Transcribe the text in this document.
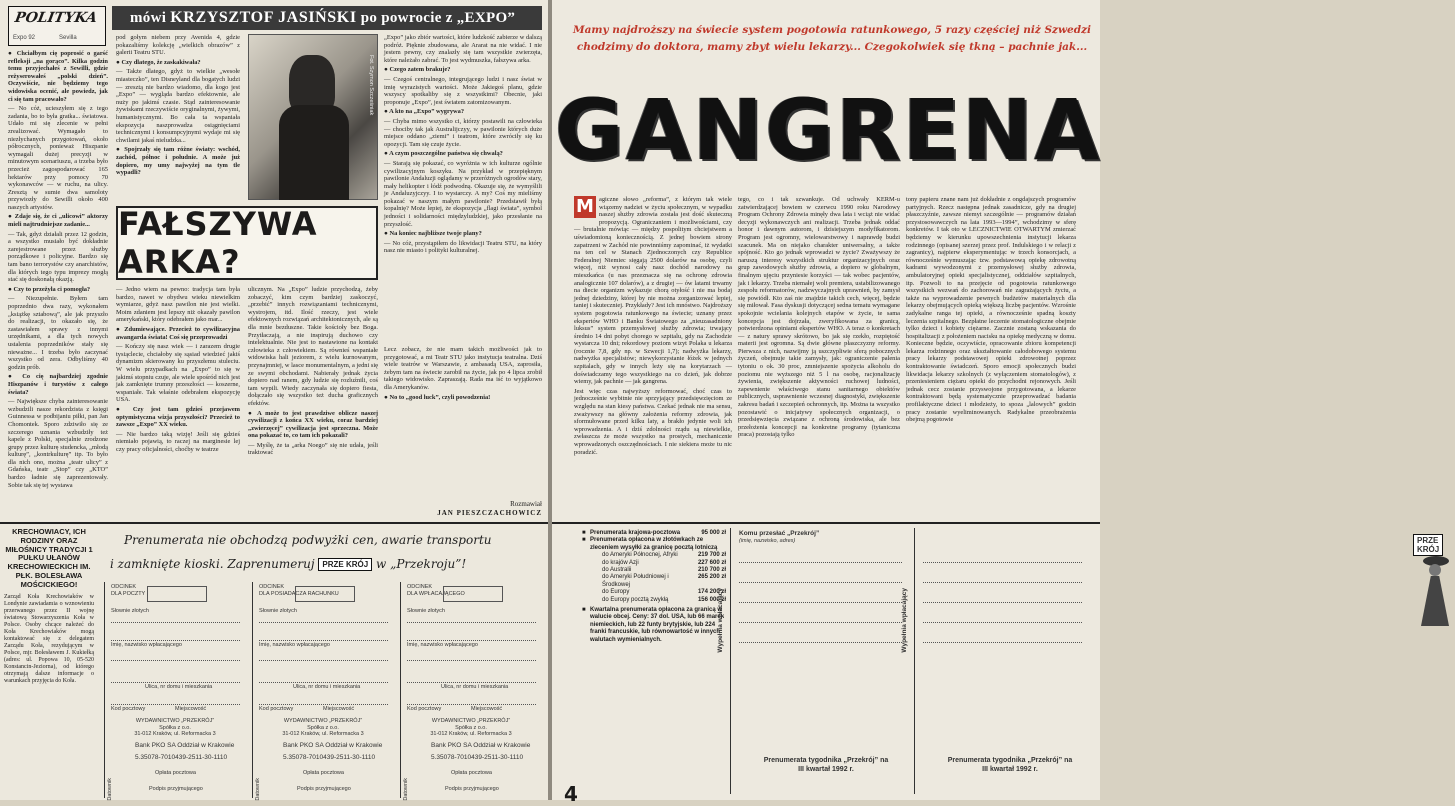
POLITYKA
Expo 92	Sevilla
mówi KRZYSZTOF JASIŃSKI po powrocie z „EXPO”

● Chciałbym cię poprosić o garść refleksji „na gorąco”. Kilka godzin temu przyjechałeś z Sewilli, gdzie reżyserowałeś „polski dzień”. Oczywiście, nie będziemy tego widowiska ocenić, ale powiedz, jak ci się tam pracowało?

— No cóż, ucieszyłem się z tego zadania, bo to była gratka... światowa. Udało mi się zlecenie w pełni zrealizować. Wymagało to niezłychanych przygotowań, około półrocznych, ponieważ Hiszpanie wymagali dużej precyzji w minutowym scenariuszu, a trzeba było przecież zagospodarować 165 hektarów przy pomocy 70 wykonawców — w ruchu, na ulicy. Zresztą w sumie dwa samoloty przywiozły do Sewilli około 400 naszych artystów.

● Zdaje się, że ci „ulicowi” aktorzy mieli najtrudniejsze zadanie...

— Tak, gdyż działali przez 12 godzin, a wszystko musiało być dokładnie zarejestrowane przez służby porządkowe i policyjne. Bardzo się tam bano terrorystów czy anarchistów, dla których tego typu imprezy mogłą stać się doskonałą okazją.

● Czy to przeżyła ci pomogła?

— Niezupełnie. Byłem tam poprzednio dwa razy, wykonałem „książkę sztabową”, ale jak przyszło do realizacji, to okazało się, że zastawiałem sprawy z innymi urzędnikami, a dla tych nowych ustalenia poprzedników stały się nieważne... I trzeba było zaczynać wszystko od zera. Odbyliśmy 40 godzin prób.

● Co cię najbardziej zgodnie Hiszpanów i turystów z całego świata?

— Największe chyba zainteresowanie wzbudzili nasze rekordzista z księgi Guinnessa w podbijaniu piłki, pan Jan Chomontek. Sporo zdziwiło się ze szczerego uznania wzbudziły też kapele z Polski, specjalnie zrodzone grupy przez kulturę studencka, „młodą kulturę”, „kontrkulturę” itp. To było dla nich ono, można „teatr ulicy” z Gdańska, teatr „Stop” czy „KTO” bardzo ładnie się zaprezentowały. Sobie tak się tej wystawa

pod gołym niebem przy Avenida 4, gdzie pokazaliśmy kolekcję „wielkich obrazów” z galerii Teatru STU.

● Czy dlatego, że zaskakiwała?

— Także dlatego, gdyż to wielkie „wesołe miasteczko”, ten Disneyland dla bogatych ludzi — zresztą nie bardzo wiadomo, dla kogo jest „Expo” — wygląda bardzo efektownie, ale nuży po jakimś czasie. Stąd zainteresowanie żywiskami rzeczywiście oryginalnymi, żywymi, humanistycznymi. Bo cała ta wspaniała ekspozycja naszprowadza osiągnięciami technicznymi i konsumpcyjnymi wydaje mi się chwilami jakaś nieludzka...

● Spojrzały się tam różne światy: wschód, zachód, północ i południe. A może już dopiero, my umy najwyżej na tym tle wypadli?

Fot. Szymon Szcześniak

„Expo” jako zbiór wartości, które ludzkość zabierze w dalszą podróż. Pięknie zbudowana, ale Ararat na nie widać. I nie jestem pewny, czy znalazły się tam wszystkie zwierzęta, które należało zabrać. To jest wydmuszka, fałszywa arka.

● Czego zatem brakuje?

— Czegoś centralnego, integrującego ludzi i nasz świat w imię wyrazistych wartości. Może Jakiegoś planu, gdzie wszyscy spotkaliby się z wszystkimi? Obecnie, jaki proponuje „Expo”, jest światem zatomizowanym.

● A kto na „Expo” wygrywa?

— Chyba mimo wszystko ci, którzy postawili na człowieka — chociby tak jak Australijczyy, w pawilonie których duże miejsce oddano „ziemi” i teatrom, które zwróciły się ku opozycji. Tam się czuje życie.

● A czym poszczególne państwa się chwalą?

— Starają się pokazać, co wyróżnia w ich kulturze ogólnie cywilizacyjnym koszyku. Na przykład w przepięknym pawilonie Andaluzji oglądamy w przeróżnych ogrodów stary, mały helikopter i łódź podwodną. Okazuje się, że wymyślili je Andaluzyjczyy. I to wystarczy. A my? Coś my mieliśmy pokazać w naszym małym pawilonie? Przedstawił byłą kopalnię? Może lepiej, że ekspozycja „flagi świata”, symbol jedności i solidarności międzyludzkiej, jako przesłanie na przyszłość.

● Na koniec najbliższe twoje plany?

— No cóż, przystąpiłem do likwidacji Teatru STU, na który nasz nie miasto i polityki kulturalnej.

FAŁSZYWA ARKA?

— Jedno wiem na pewno: tradycja tam była bardzo, nawet w obydwu wieku niewielkim wymiarze, gdyż nasz pawilon nie jest wielki. Moim zdaniem jest lepszy niż okazały pawilon amerykański, który odebrałem jako mar...

● Zdumiewające. Przecież to cywilizacyjna awangarda świata! Coś się przeprowadzi

— Kończy się nasz wiek — i zarazem drugie tysiąclecie, chciałoby się sąsiad wiedzieć jakiś dynamizm skierowany ku przyszłemu stuleciu. W wielu przypadkach na „Expo” to się w jakimś stopniu czuje, ale wiele spośród nich jest jak zamknięte trumny przeszłości — koszerne, wspaniałe. Tak właśnie odebrałem ekspozycję USA.

● Czy jest tam gdzieś przejawem optymistyczna wizja przyszłości? Przecież to zawsze „Expo” XX wieku.

— Nie bardzo taką wizję! Jeśli się gdzieś niemiało pojawią, to raczej na marginesie lej czy pracy oficjalności, choćby w teatrze

ulicznym. Na „Expo” ludzie przychodzą, żeby zobaczyć, kim czym bardziej zaskoczyć, „przebić” innych rozwiązaniami technicznymi, wystrojem, itd. Ilość rzeczy, jest wiele efektownych rozwiązań architektonicznych, ale są dla mnie bezduszne. Takie kościoły bez Boga. Przytłaczają, a nie inspirują duchowo czy intelektualnie. Nie jest to nastawione na kontakt człowieka z człowiekiem. Są równieś wspaniałe widowiska hali jeziorem, z wielu kurnowanym, przynajmniej, w lasce monumentalnym, a jedni się ze swymi obchodami. Nabierały jednak życia dopiero nad ranem, gdy ludzie się rozluźnili, coś tam wypili. Wtedy zaczynała się dopiero fiesta, dołączało się wszystko też ducha graficznych efektów.

● A może to jest prawdziwe oblicze naszej cywilizacji z końca XX wieku, coraz bardziej „zwierzęcej” cywilizacja jest sprzeczna. Może ona pokazać to, co tam ich pokazali?

— Myślę, że ta „arka Noego” się nie udała, jeśli traktować

Lecz zobacz, że nie mam takich możliwości jak to przygotować, a mi Teatr STU jako instytucja teatralna. Dziś wiele teatrów w Warszawie, z ambasadą USA, zaprosiła, żebym tam na świecie zarobił na życie, jak po 4 lipca zrobił takiego widowisko. Zapraszają. Rada ma iść to wyjątkowo dla Amerykanów.

● No to „good luck”, czyli powodzenia!

Rozmawiał
JAN PIESZCZACHOWICZ
KRECHOWIACY, ICH RODZINY ORAZ MIŁOŚNICY TRADYCJI 1 PUŁKU UŁANÓW KRECHOWIECKICH IM. PŁK. BOLESŁAWA MOŚCICKIEGO!
Zarząd Koła Krechowiaków w Londynie zawiadamia o wznowieniu przerwanego przez II wojnę światową Stowarzyszenia Koła w Polsce. Osoby chcące należeć do Koła Krechowiaków mogą kontaktować się z delegatem Zarządu Koła, rezydującym w Polsce, mjr. Bolesławem J. Kukiełką (adres: ul. Popowa 10, 05-520 Konstancin-Jeziorna), od którego otrzymają dalsze informacje o warunkach przyjęcia do Koła.
Prenumerata nie obchodzą podwyżki cen, awarie transportu
i zamknięte kioski. Zaprenumeruj PRZE KRÓJ w „Przekroju”!
ODCINEK
DLA POCZTY
Słownie złotych
Imię, nazwisko wpłacającego
Ulica, nr domu i mieszkania
Kod pocztowy	Miejscowość
WYDAWNICTWO „PRZEKRÓJ”
Spółka z o.o.
31-012 Kraków, ul. Reformacka 3
Bank PKO SA Oddział w Krakowie
5.35078-7010439-2511-30-1110
Opłata pocztowa
Podpis przyjmującego
Datownik
ODCINEK
DLA POSIADACZA RACHUNKU
Słownie złotych
Imię, nazwisko wpłacającego
Ulica, nr domu i mieszkania
Kod pocztowy	Miejscowość
WYDAWNICTWO „PRZEKRÓJ”
Spółka z o.o.
31-012 Kraków, ul. Reformacka 3
Bank PKO SA Oddział w Krakowie
5.35078-7010439-2511-30-1110
Opłata pocztowa
Podpis przyjmującego
Datownik
ODCINEK
DLA WPŁACAJĄCEGO
Słownie złotych
Imię, nazwisko wpłacającego
Ulica, nr domu i mieszkania
Kod pocztowy	Miejscowość
WYDAWNICTWO „PRZEKRÓJ”
Spółka z o.o.
31-012 Kraków, ul. Reformacka 3
Bank PKO SA Oddział w Krakowie
5.35078-7010439-2511-30-1110
Opłata pocztowa
Podpis przyjmującego
Datownik
Mamy najdroższy na świecie system pogotowia ratunkowego, 5 razy częściej niż Szwedzi chodzimy do doktora, mamy zbyt wielu lekarzy... Czegokolwiek się tkną – pachnie jak...
GANGRENA

M agiczne słowo „reforma”, z którym tak wiele wiązemy nadziei w życiu społecznym, w wypadku naszej służby zdrowia została jest dość skuteczną propozycją. Ograniczaniem i możliwościami, czy — brutalnie mówiąc — między pospolitym chciejstwem a uświadomioną koniecznością. Z jednej bowiem strony zapatrzeni w Zachód nie powinniśmy zapominać, iż wydatki na ten cel w Stanach Zjednoczonych czy Republice Federalnej Niemiec sięgają 2500 dolarów na osobę, czyli więcej, niż wynosi cały nasz dochód narodowy na mieszkańca (u nas przeznacza się na ochronę zdrowia analogicznie 107 dolarów), a z drugiej — ów latami trwamy na diecie organizm wykazuje chorą otyłość i nie ma bodaj jednej dziedziny, której by nie można zorganizować lepiej, taniej i skuteczniej. Przykłady? Jest ich mnóstwo. Najdroższy system pogotowia ratunkowego na świecie; uznany przez ekspertów WHO i Banku Światowego za „nieuzasadniony luksus” system przemysłowej służby zdrowia; trwający średnio 14 dni pobyt chorego w szpitalu, gdy na Zachodzie wystarcza 10 dni; rekordowy poziom wizyt Polaka u lekarza (rocznie 7,8, gdy np. w Szwecji 1,7); nadwyżka lekarzy, nadwyżka specjalistów; niewykorzystanie łóżek w jednych szpitalach, gdy w innych leży się na korytarzach — doświadczamy tego wszystkiego na co dzień, jak dobrze wiemy, jak pachnie — jak gangrena.

Jest więc czas najwyższy reformować, choć czas to jednocześnie wybitnie nie sprzyjający przedsięwzięciom ze względu na stan kiesy państwa. Czekać jednak nie ma sensu, zważywszy na główny założenia reformy zdrowia, jak sformułowane przed kilku laty, a brakło jedynie woli ich wprowadzenia. A i dziś zdolności rządu są niewielkie, zwłaszcza że może wszystko na prostych, mechanicznie wprowadzonych oszczędnościach. I nie siekiera może tu nic poradzić.

tego, co i tak szwankuje. Od uchwały KERM-u zatwierdzającej bowiem w czerwcu 1990 roku Narodowy Program Ochrony Zdrowia minęły dwa lata i wciąż nie widać decyzji wykonawczych ani realizacji. Trzeba jednak oddać honor i dawnym autorom, i dzisiejszym modyfikatorom. Program jest ogromny, wielowarstwowy i naprawdę budzi szacunek. Ma on niejako charakter uniwersalny, a także spójność. Kto go jednak wprowadzi w życie? Zważywszy że naruszą interesy wszystkich struktur organizacyjnych oraz grup zawodowych służby zdrowia, a dopiero w globalnym, finalnym ujęciu przyniesie korzyści — tak wobec pacjentów, jak i lekarzy. Trzeba niemałej woli premiera, ustabilizowanego zespołu reformatorów, nadzwyczajnych uprawnień, by zamysł się powiódł. Kto zaś nie znajdzie takich cech, więcej, będzie się miłował. Fasa dyskusji dotyczącej sedna tematu wymagane spokojnie wcielania kolejnych etapów w życie, te sama koncepcja jest dojrzała, zweryfikowana za granicą, potwierdzona opiniami ekspertów WHO. A teraz o konkretach — z natury sprawy skrótowo, bo jak się rzekło, rozpiętość materii jest ogromna. Są dwie główne płaszczyzny reformy. Pierwsza z nich, nazwijmy ją uszczypliwie sferą pobocznych życzeń, obejmuje takie zamysły, jak: ograniczenie palenia tytoniu o ok. 30 proc, zmniejszenie spożycia alkoholu do poziomu nie wyższego niż 5 l na osobę, racjonalizację żywienia, zwiększenie aktywności ruchowej ludności, zapewnienie właściwego stanu sanitarnego obiektów publicznych, usprawnienie wczesnej diagnostyki, zwiększenie zakresu badań i szczepień ochronnych, itp. Można ta wszystko pozostawić o inicjatywy społecznych organizacji, o przedsięwzięcia związane z ochroną środowiska, ale bez przełożenia koncepcji na konkretne programy (tytaniczna praca) pozostają tylko

tony papieru znane nam już dokładnie z ongdajszych programów partyjnych. Rzecz następna jednak zasadnicze, gdy na drugiej płaszczyźnie, zawsze niemyt szczególnie — programów działań przystosowawczych na lata 1993—1994”, wchodzimy w sferę konkretów. I tak oto w LECZNICTWIE OTWARTYM zmierzać będziemy w kierunku upowszechnienia instytucji lekarza rodzinnego (opisanej szerzej przez prof. Indulskiego i w relacji z zagranicy), najpierw eksperymentując w trzech konsorcjach, a równocześnie wymuszając tzw. podstawową opiekę zdrowotną kadrami wywodzonymi z przemysłowej służby zdrowia, ambulatoryjnej opieki specjalistycznej, oddziałów szpitalnych, itp. Pozwoli to na przejęcie od pogotowia ratunkowego wszystkich wezwań do zachorowań nie zagrażających życiu, a także na wyprowadzenie pewnych budżetów materialnych dla lekarzy obejmujących opieką większą liczbę pacjentów. Wzrośnie zadykalne ranga tej opieki, a równocześnie spadną koszty leczenia szpitalnego. Bezpłatne leczenie stomatologiczne obejmie tylko dzieci i kobiety ciężarne. Zacznie zostaną wskazania do hospitalizacji z położeniem nacisku na opiekę medyczną w domu. Konieczne będzie, oczywiście, opracowanie zbioru kompetencji lekarza rodzinnego oraz ukształtowanie całodobowego systemu pracy lekarzy podstawowej opieki zdrowotnej poprzez kontraktowanie świadczeń. Sporo emocji społecznych budzi likwidacja lekarzy szkolnych (z wyłączeniem stomatologów), z przeniesieniem ciężaru opieki do przychodni rejonowych. Jeśli jednak cecz zostanie przyswojone przygotowana, a lekarze kontraktowani będą systematycznie przeprowadzać badania profilaktyczne dzieci i młodzieży, to spoza „lalowych” godzin pracy zostanie wyeliminowanych. Radykalne przeobrażenia obejmą pogotowie

4
■ Prenumerata krajowa-pocztowa	95 000 zł
■ Prenumerata opłacona w złotówkach ze zleceniem wysyłki za granicę pocztą lotniczą
do Ameryki Północnej, Afryki	219 700 zł
do krajów Azji	227 600 zł
do Australii	210 700 zł
do Ameryki Południowej i Środkowej
265 200 zł
do Europy	174 200 zł
do Europy pocztą zwykłą	156 000 zł
■ Kwartalna prenumerata opłacona za granicą w walucie obcej. Ceny: 37 dol. USA, lub 66 marek niemieckich, lub 22 funty brytyjskie, lub 224 franki francuskie, lub równowartość w innych walutach wymienialnych.	Wypełnia wpłacający
Komu przesłać „Przekrój”
(imię, nazwisko, adres)
Prenumerata tygodnika „Przekrój” na III kwartał 1992 r.
Wypełnia wpłacający
Prenumerata tygodnika „Przekrój” na III kwartał 1992 r.
PRZE KRÓJ
